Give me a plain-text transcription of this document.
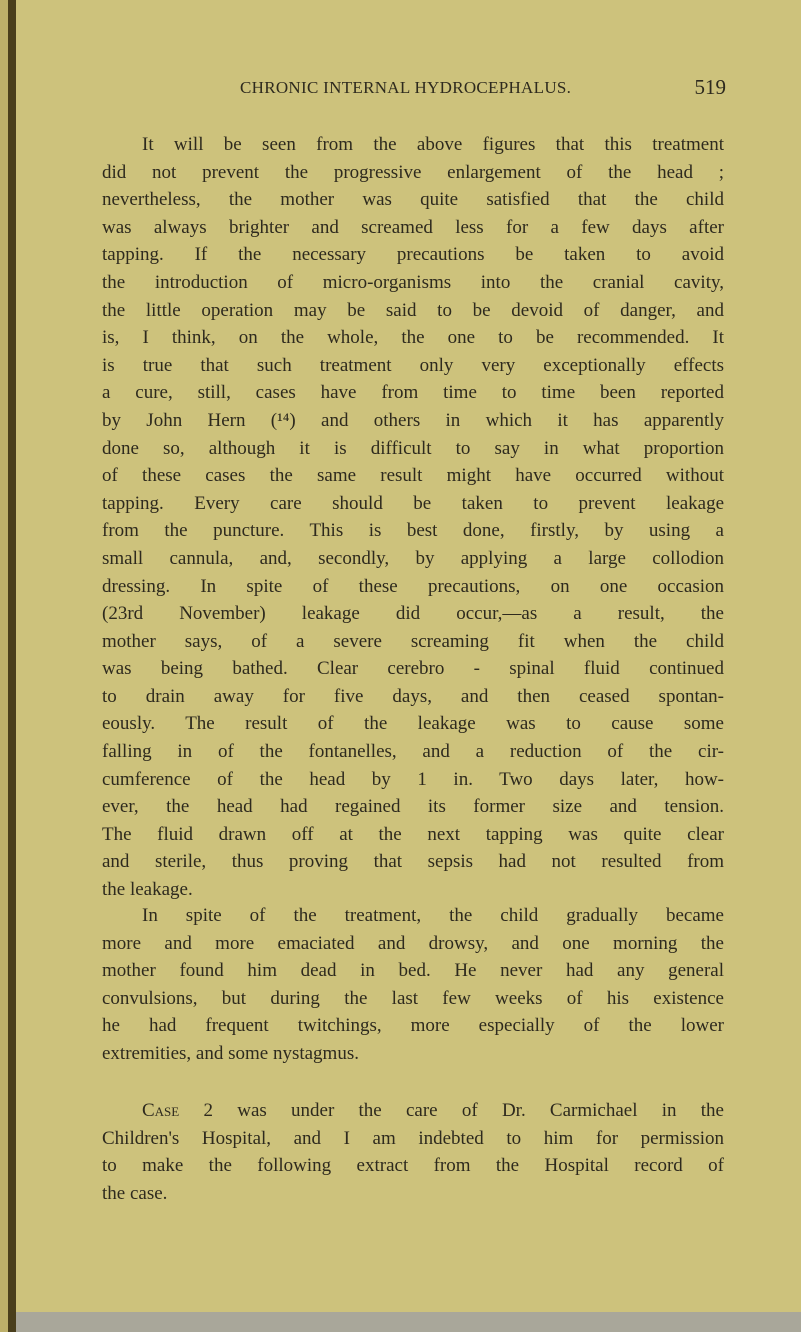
CHRONIC INTERNAL HYDROCEPHALUS.	519
It will be seen from the above figures that this treatment
did not prevent the progressive enlargement of the head ;
nevertheless, the mother was quite satisfied that the child
was always brighter and screamed less for a few days after
tapping. If the necessary precautions be taken to avoid
the introduction of micro-organisms into the cranial cavity,
the little operation may be said to be devoid of danger, and
is, I think, on the whole, the one to be recommended. It
is true that such treatment only very exceptionally effects
a cure, still, cases have from time to time been reported
by John Hern (¹⁴) and others in which it has apparently
done so, although it is difficult to say in what proportion
of these cases the same result might have occurred without
tapping. Every care should be taken to prevent leakage
from the puncture. This is best done, firstly, by using a
small cannula, and, secondly, by applying a large collodion
dressing. In spite of these precautions, on one occasion
(23rd November) leakage did occur,—as a result, the
mother says, of a severe screaming fit when the child
was being bathed. Clear cerebro - spinal fluid continued
to drain away for five days, and then ceased spontan-
eously. The result of the leakage was to cause some
falling in of the fontanelles, and a reduction of the cir-
cumference of the head by 1 in. Two days later, how-
ever, the head had regained its former size and tension.
The fluid drawn off at the next tapping was quite clear
and sterile, thus proving that sepsis had not resulted from
the leakage.
In spite of the treatment, the child gradually became
more and more emaciated and drowsy, and one morning the
mother found him dead in bed. He never had any general
convulsions, but during the last few weeks of his existence
he had frequent twitchings, more especially of the lower
extremities, and some nystagmus.
Case 2 was under the care of Dr. Carmichael in the
Children's Hospital, and I am indebted to him for permission
to make the following extract from the Hospital record of
the case.
